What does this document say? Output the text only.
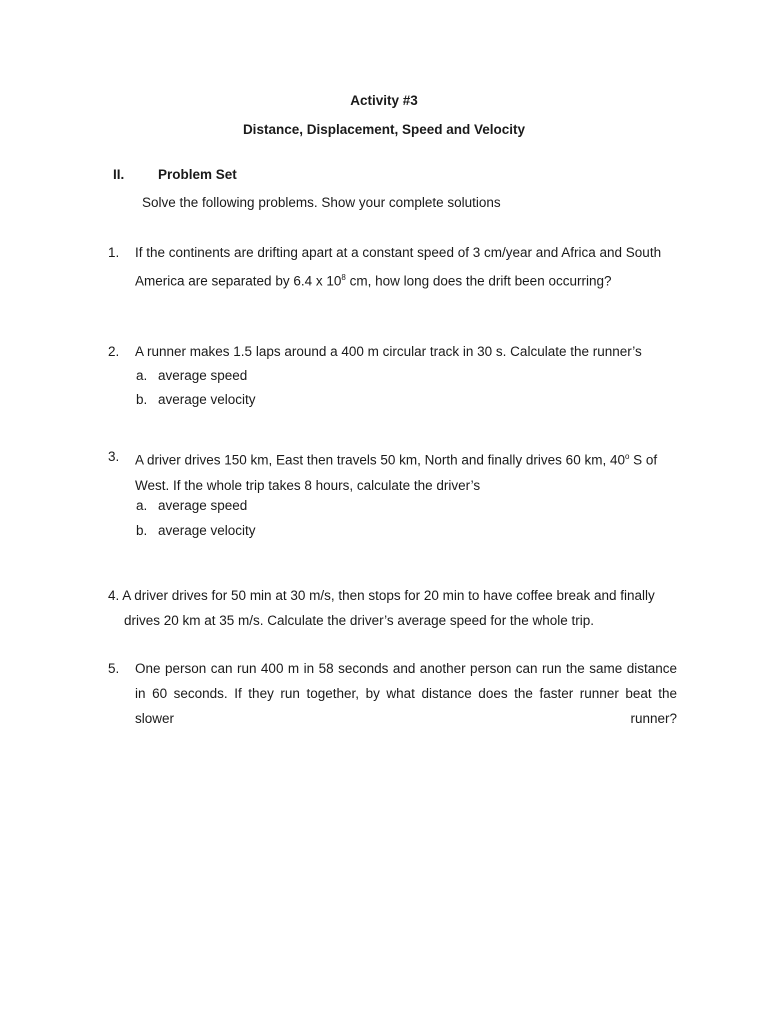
Activity #3
Distance, Displacement, Speed and Velocity
II. Problem Set
Solve the following problems. Show your complete solutions
1. If the continents are drifting apart at a constant speed of 3 cm/year and Africa and South America are separated by 6.4 x $10^8$ cm, how long does the drift been occurring?
2. A runner makes 1.5 laps around a 400 m circular track in 30 s. Calculate the runner’s
a. average speed
b. average velocity
3. A driver drives 150 km, East then travels 50 km, North and finally drives 60 km, 40$^o$ S of West. If the whole trip takes 8 hours, calculate the driver’s
a. average speed
b. average velocity
4. A driver drives for 50 min at 30 m/s, then stops for 20 min to have coffee break and finally
drives 20 km at 35 m/s. Calculate the driver’s average speed for the whole trip.
5. One person can run 400 m in 58 seconds and another person can run the same distance in 60 seconds. If they run together, by what distance does the faster runner beat the slower runner?
